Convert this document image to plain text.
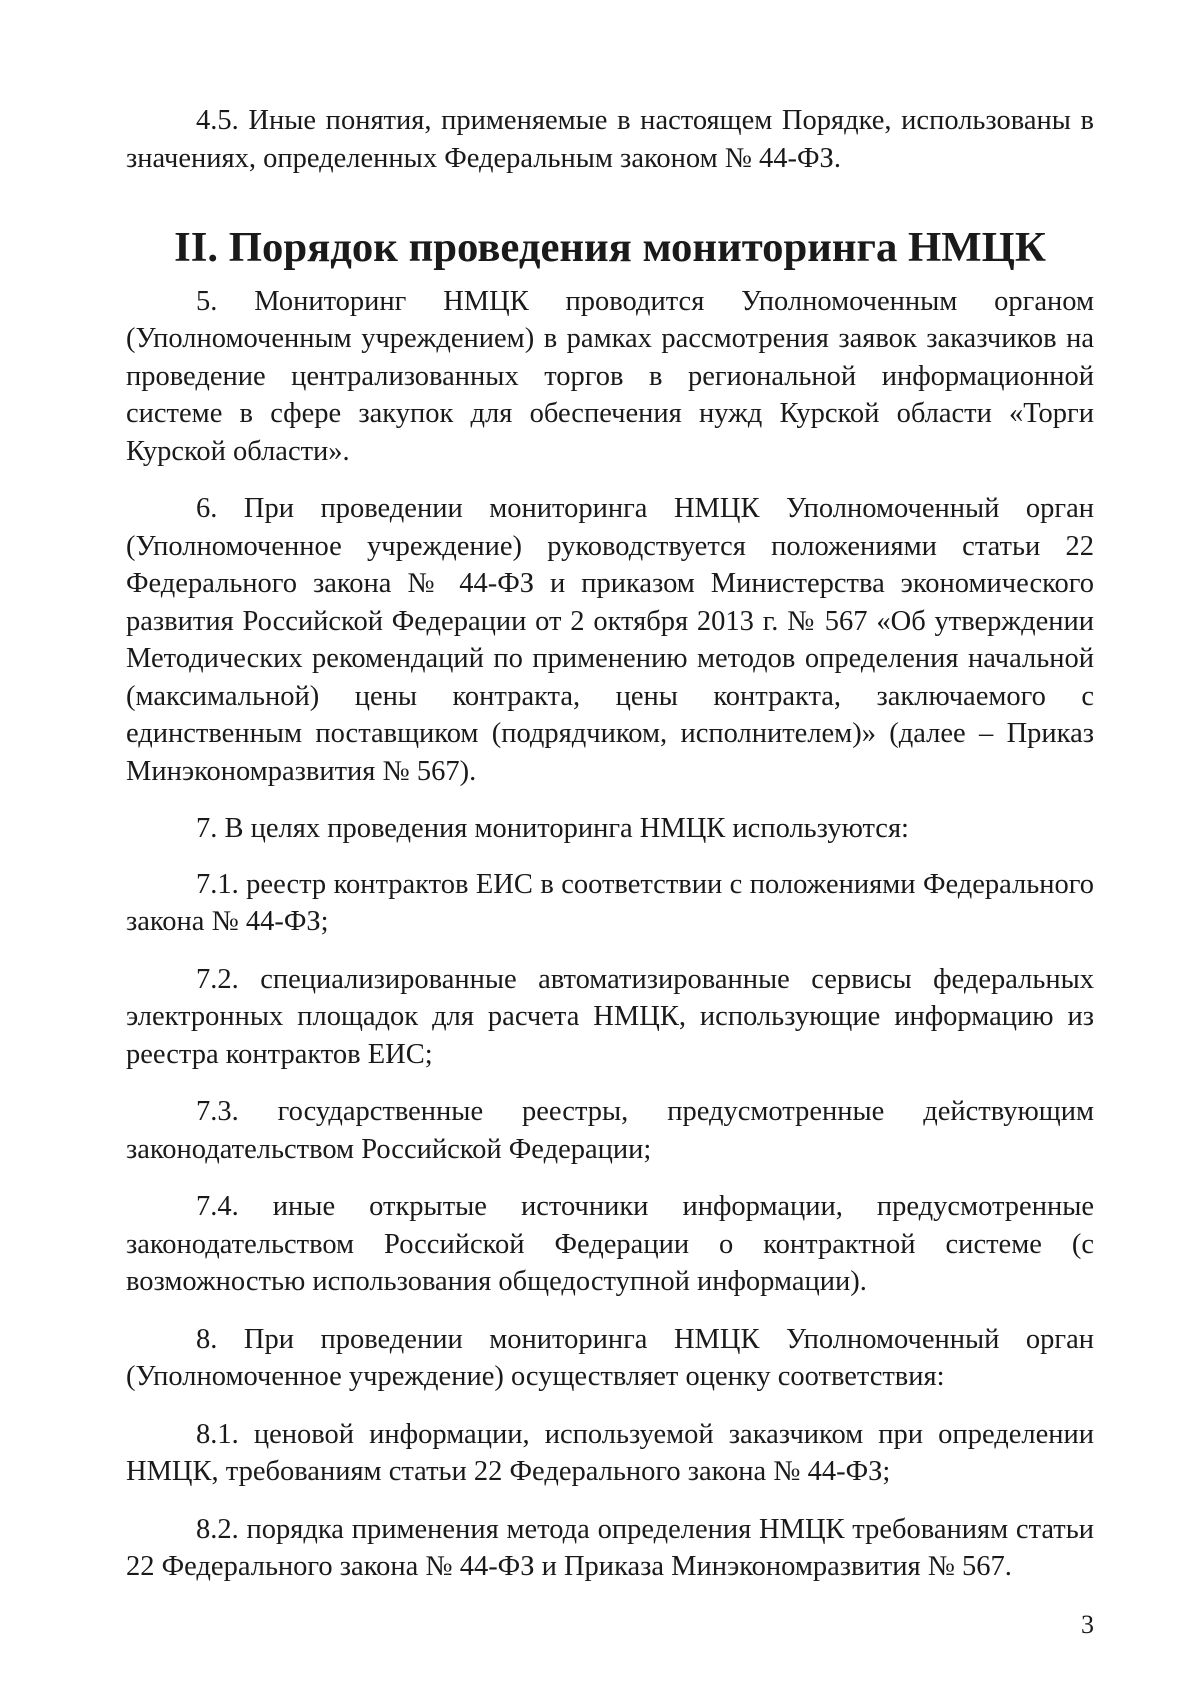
4.5. Иные понятия, применяемые в настоящем Порядке, использованы в значениях, определенных Федеральным законом № 44-ФЗ.

II. Порядок проведения мониторинга НМЦК

5. Мониторинг НМЦК проводится Уполномоченным органом (Уполномоченным учреждением) в рамках рассмотрения заявок заказчиков на проведение централизованных торгов в региональной информационной системе в сфере закупок для обеспечения нужд Курской области «Торги Курской области».

6. При проведении мониторинга НМЦК Уполномоченный орган (Уполномоченное учреждение) руководствуется положениями статьи 22 Федерального закона № 44-ФЗ и приказом Министерства экономического развития Российской Федерации от 2 октября 2013 г. № 567 «Об утверждении Методических рекомендаций по применению методов определения начальной (максимальной) цены контракта, цены контракта, заключаемого с единственным поставщиком (подрядчиком, исполнителем)» (далее – Приказ Минэкономразвития № 567).

7. В целях проведения мониторинга НМЦК используются:

7.1. реестр контрактов ЕИС в соответствии с положениями Федерального закона № 44-ФЗ;

7.2. специализированные автоматизированные сервисы федеральных электронных площадок для расчета НМЦК, использующие информацию из реестра контрактов ЕИС;

7.3. государственные реестры, предусмотренные действующим законодательством Российской Федерации;

7.4. иные открытые источники информации, предусмотренные законодательством Российской Федерации о контрактной системе (с возможностью использования общедоступной информации).

8. При проведении мониторинга НМЦК Уполномоченный орган (Уполномоченное учреждение) осуществляет оценку соответствия:

8.1. ценовой информации, используемой заказчиком при определении НМЦК, требованиям статьи 22 Федерального закона № 44-ФЗ;

8.2. порядка применения метода определения НМЦК требованиям статьи 22 Федерального закона № 44-ФЗ и Приказа Минэкономразвития № 567.

3
